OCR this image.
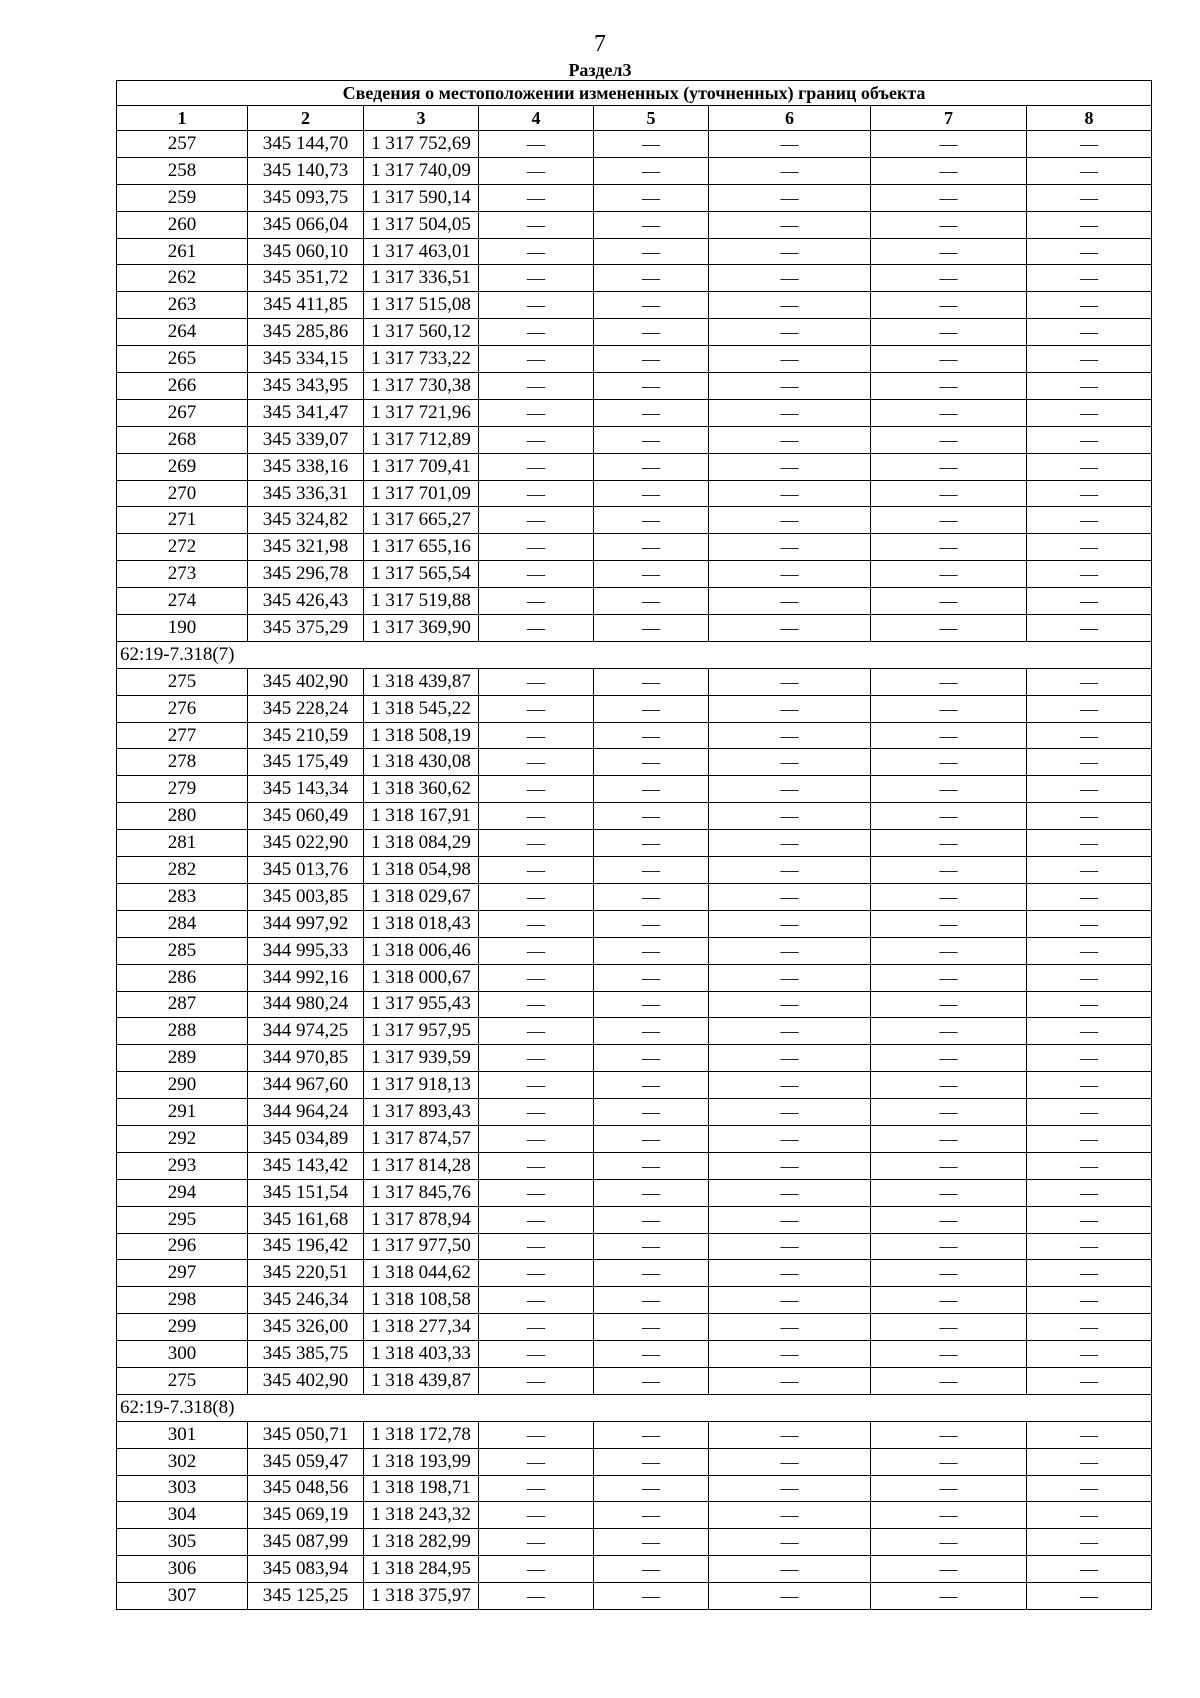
7
Раздел3
Сведения о местоположении измененных (уточненных) границ объекта							
1	2	3	4	5	6	7	8
257	345 144,70	1 317 752,69	—	—	—	—	—
258	345 140,73	1 317 740,09	—	—	—	—	—
259	345 093,75	1 317 590,14	—	—	—	—	—
260	345 066,04	1 317 504,05	—	—	—	—	—
261	345 060,10	1 317 463,01	—	—	—	—	—
262	345 351,72	1 317 336,51	—	—	—	—	—
263	345 411,85	1 317 515,08	—	—	—	—	—
264	345 285,86	1 317 560,12	—	—	—	—	—
265	345 334,15	1 317 733,22	—	—	—	—	—
266	345 343,95	1 317 730,38	—	—	—	—	—
267	345 341,47	1 317 721,96	—	—	—	—	—
268	345 339,07	1 317 712,89	—	—	—	—	—
269	345 338,16	1 317 709,41	—	—	—	—	—
270	345 336,31	1 317 701,09	—	—	—	—	—
271	345 324,82	1 317 665,27	—	—	—	—	—
272	345 321,98	1 317 655,16	—	—	—	—	—
273	345 296,78	1 317 565,54	—	—	—	—	—
274	345 426,43	1 317 519,88	—	—	—	—	—
190	345 375,29	1 317 369,90	—	—	—	—	—
62:19-7.318(7)							
275	345 402,90	1 318 439,87	—	—	—	—	—
276	345 228,24	1 318 545,22	—	—	—	—	—
277	345 210,59	1 318 508,19	—	—	—	—	—
278	345 175,49	1 318 430,08	—	—	—	—	—
279	345 143,34	1 318 360,62	—	—	—	—	—
280	345 060,49	1 318 167,91	—	—	—	—	—
281	345 022,90	1 318 084,29	—	—	—	—	—
282	345 013,76	1 318 054,98	—	—	—	—	—
283	345 003,85	1 318 029,67	—	—	—	—	—
284	344 997,92	1 318 018,43	—	—	—	—	—
285	344 995,33	1 318 006,46	—	—	—	—	—
286	344 992,16	1 318 000,67	—	—	—	—	—
287	344 980,24	1 317 955,43	—	—	—	—	—
288	344 974,25	1 317 957,95	—	—	—	—	—
289	344 970,85	1 317 939,59	—	—	—	—	—
290	344 967,60	1 317 918,13	—	—	—	—	—
291	344 964,24	1 317 893,43	—	—	—	—	—
292	345 034,89	1 317 874,57	—	—	—	—	—
293	345 143,42	1 317 814,28	—	—	—	—	—
294	345 151,54	1 317 845,76	—	—	—	—	—
295	345 161,68	1 317 878,94	—	—	—	—	—
296	345 196,42	1 317 977,50	—	—	—	—	—
297	345 220,51	1 318 044,62	—	—	—	—	—
298	345 246,34	1 318 108,58	—	—	—	—	—
299	345 326,00	1 318 277,34	—	—	—	—	—
300	345 385,75	1 318 403,33	—	—	—	—	—
275	345 402,90	1 318 439,87	—	—	—	—	—
62:19-7.318(8)							
301	345 050,71	1 318 172,78	—	—	—	—	—
302	345 059,47	1 318 193,99	—	—	—	—	—
303	345 048,56	1 318 198,71	—	—	—	—	—
304	345 069,19	1 318 243,32	—	—	—	—	—
305	345 087,99	1 318 282,99	—	—	—	—	—
306	345 083,94	1 318 284,95	—	—	—	—	—
307	345 125,25	1 318 375,97	—	—	—	—	—
